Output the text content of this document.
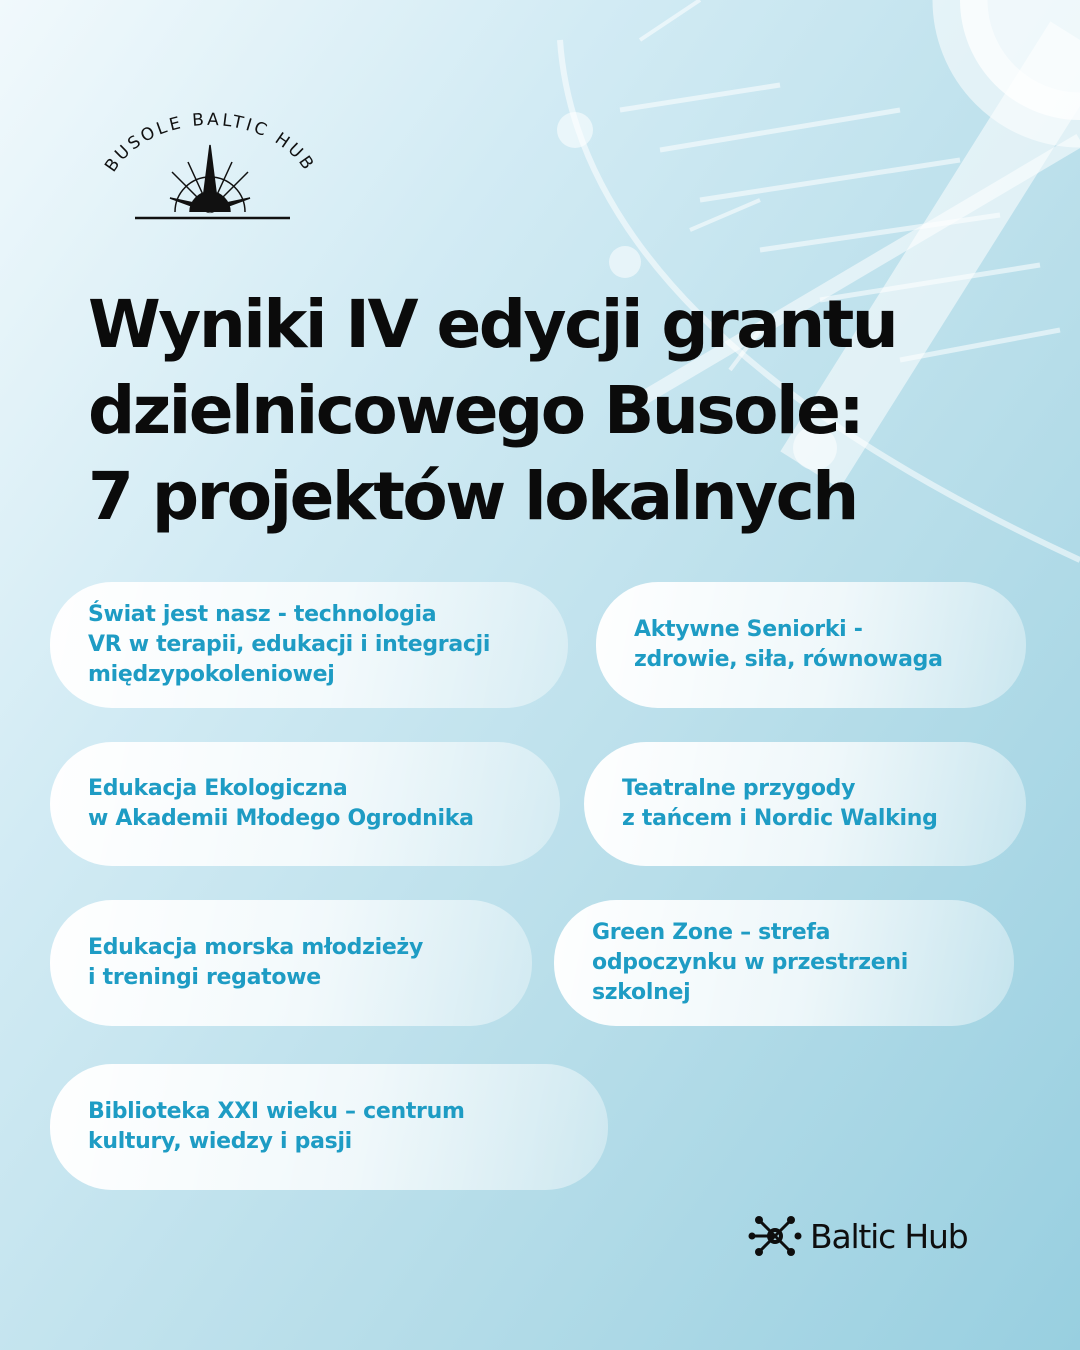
BUSOLE BALTIC HUB
Wyniki IV edycji grantu
dzielnicowego Busole:
7 projektów lokalnych
Świat jest nasz - technologia
VR w terapii, edukacji i integracji
międzypokoleniowej
Aktywne Seniorki -
zdrowie, siła, równowaga
Edukacja Ekologiczna
w Akademii Młodego Ogrodnika
Teatralne przygody
z tańcem i Nordic Walking
Edukacja morska młodzieży
i treningi regatowe
Green Zone – strefa
odpoczynku w przestrzeni
szkolnej
Biblioteka XXI wieku – centrum
kultury, wiedzy i pasji
Baltic Hub
